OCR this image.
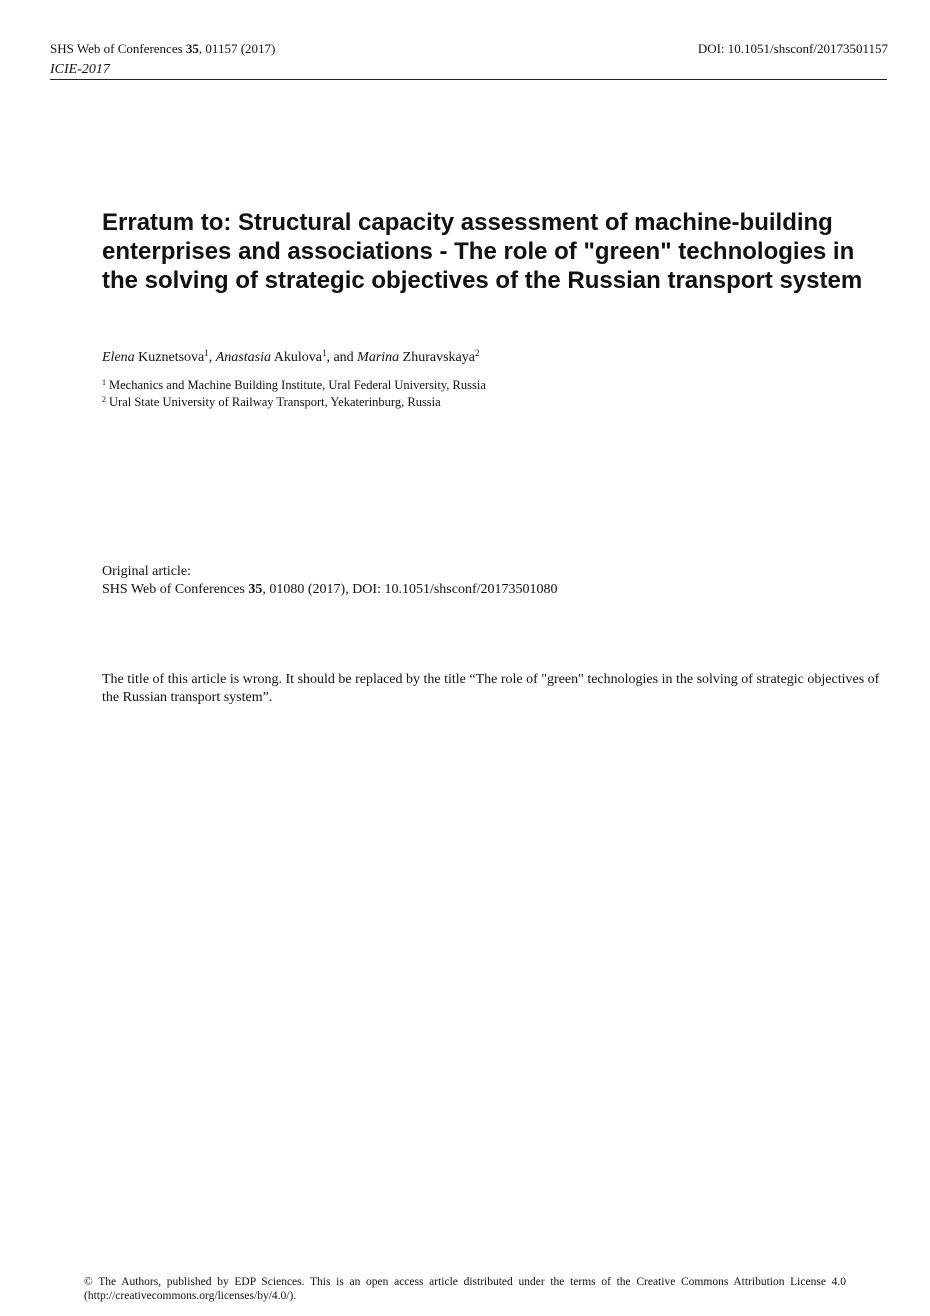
SHS Web of Conferences 35, 01157 (2017)	DOI: 10.1051/shsconf/20173501157
ICIE-2017
Erratum to: Structural capacity assessment of machine-building enterprises and associations - The role of "green" technologies in the solving of strategic objectives of the Russian transport system
Elena Kuznetsova$^1$, Anastasia Akulova$^1$, and Marina Zhuravskaya$^2$
$^1$ Mechanics and Machine Building Institute, Ural Federal University, Russia
$^2$ Ural State University of Railway Transport, Yekaterinburg, Russia
Original article:
SHS Web of Conferences 35, 01080 (2017), DOI: 10.1051/shsconf/20173501080

The title of this article is wrong. It should be replaced by the title “The role of "green" technologies in the solving of strategic objectives of the Russian transport system”.

© The Authors, published by EDP Sciences. This is an open access article distributed under the terms of the Creative Commons Attribution License 4.0 (http://creativecommons.org/licenses/by/4.0/).
